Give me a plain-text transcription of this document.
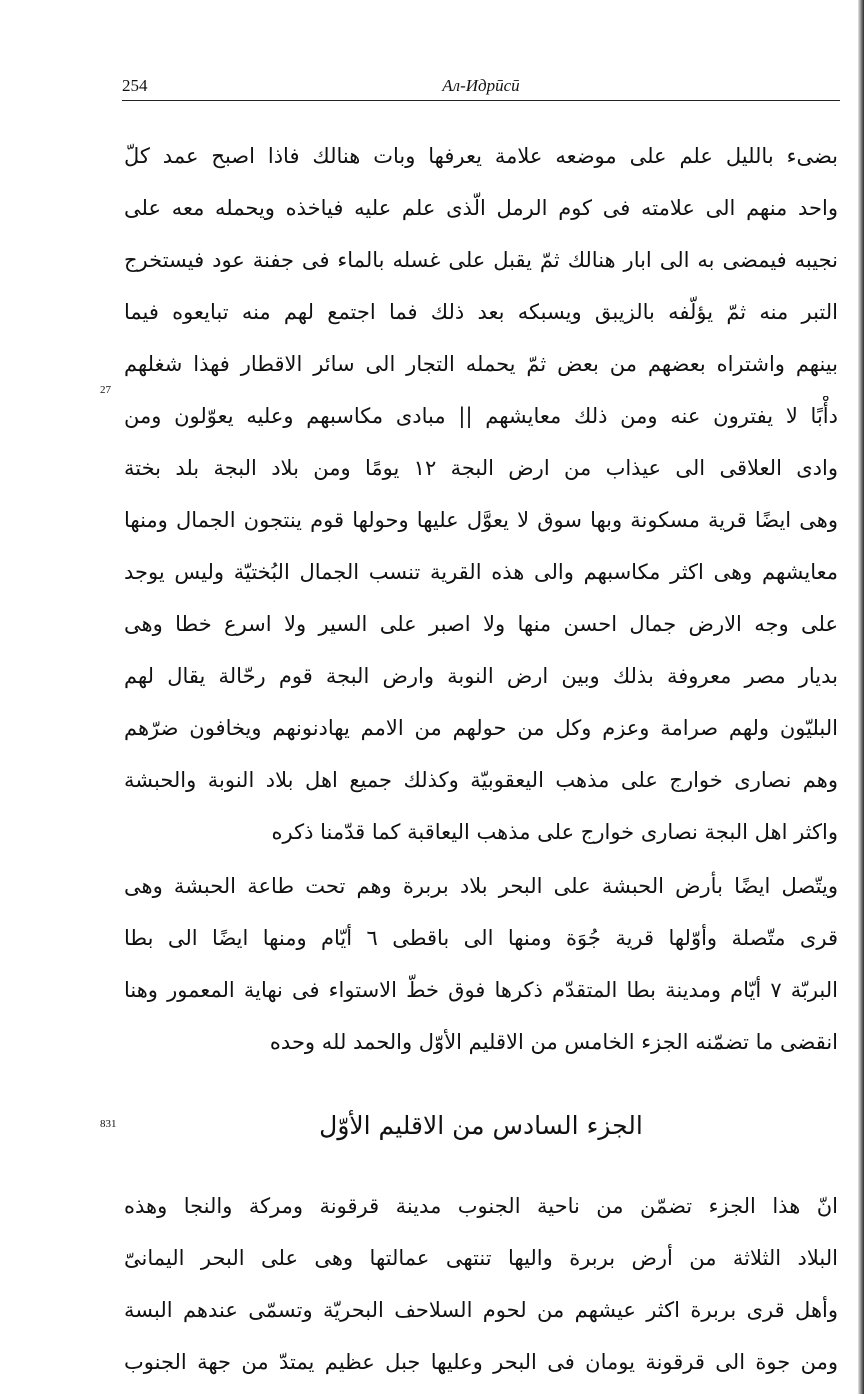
254	Ал-Идрӣсӣ
بضىء بالليل علم على موضعه علامة يعرفها وبات هنالك فاذا اصبح عمد كلّ
واحد منهم الى علامته فى كوم الرمل الّذى علم عليه فياخذه ويحمله معه على
نجيبه فيمضى به الى ابار هنالك ثمّ يقبل على غسله بالماء فى جفنة عود فيستخرج
التبر منه ثمّ يؤلّفه بالزيبق ويسبكه بعد ذلك فما اجتمع لهم منه تبايعوه فيما
بينهم واشتراه بعضهم من بعض ثمّ يحمله التجار الى سائر الاقطار فهذا شغلهم
دأْبًا لا يفترون عنه ومن ذلك معايشهم || مبادى مكاسبهم وعليه يعوّلون ومن
27
وادى العلاقى الى عيذاب من ارض البجة ١٢ يومًا ومن بلاد البجة بلد بختة
وهى ايضًا قرية مسكونة وبها سوق لا يعوَّل عليها وحولها قوم ينتجون الجمال ومنها
معايشهم وهى اكثر مكاسبهم والى هذه القرية تنسب الجمال البُختيّة وليس يوجد
على وجه الارض جمال احسن منها ولا اصبر على السير ولا اسرع خطا وهى
بديار مصر معروفة بذلك وبين ارض النوبة وارض البجة قوم رحّالة يقال لهم
البليّون ولهم صرامة وعزم وكل من حولهم من الامم يهادنونهم ويخافون ضرّهم
وهم نصارى خوارج على مذهب اليعقوبيّة وكذلك جميع اهل بلاد النوبة والحبشة
واكثر اهل البجة نصارى خوارج على مذهب اليعاقبة كما قدّمنا ذكره
ويتّصل ايضًا بأرض الحبشة على البحر بلاد بربرة وهم تحت طاعة الحبشة وهى
قرى متّصلة وأوّلها قرية جُوَة ومنها الى باقطى ٦ أيّام ومنها ايضًا الى بطا
البربّة ٧ أيّام ومدينة بطا المتقدّم ذكرها فوق خطّ الاستواء فى نهاية المعمور وهنا
انقضى ما تضمّنه الجزء الخامس من الاقليم الأوّل والحمد لله وحده
الجزء السادس من الاقليم الأوّل
831
انّ هذا الجزء تضمّن من ناحية الجنوب مدينة قرقونة ومركة والنجا وهذه
البلاد الثلاثة من أرض بربرة واليها تنتهى عمالتها وهى على البحر اليمانىّ
وأهل قرى بربرة اكثر عيشهم من لحوم السلاحف البحريّة وتسمّى عندهم البسة
ومن جوة الى قرقونة يومان فى البحر وعليها جبل عظيم يمتدّ من جهة الجنوب
